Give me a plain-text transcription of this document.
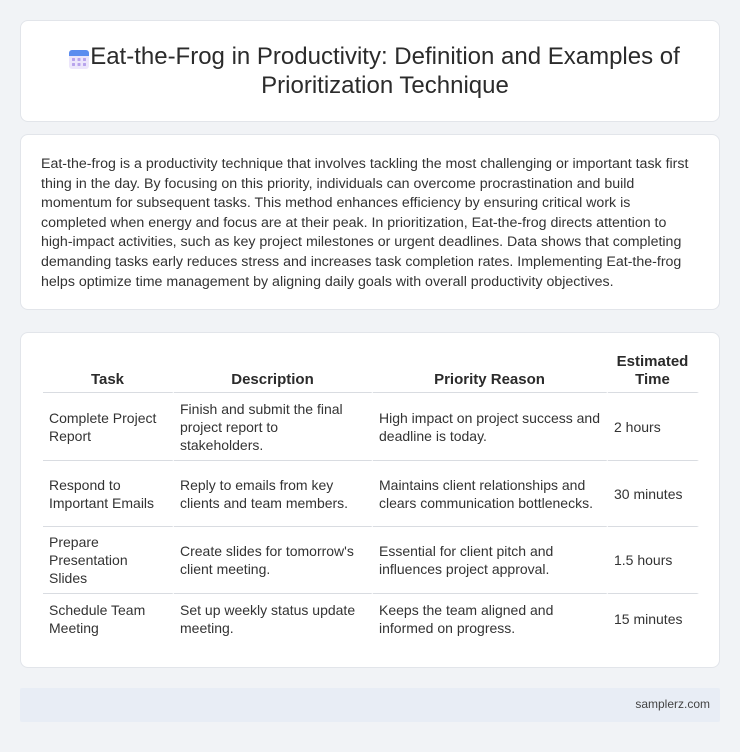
Eat-the-Frog in Productivity: Definition and Examples of Prioritization Technique

Eat-the-frog is a productivity technique that involves tackling the most challenging or important task first thing in the day. By focusing on this priority, individuals can overcome procrastination and build momentum for subsequent tasks. This method enhances efficiency by ensuring critical work is completed when energy and focus are at their peak. In prioritization, Eat-the-frog directs attention to high-impact activities, such as key project milestones or urgent deadlines. Data shows that completing demanding tasks early reduces stress and increases task completion rates. Implementing Eat-the-frog helps optimize time management by aligning daily goals with overall productivity objectives.

Task	Description	Priority Reason	Estimated Time
Complete Project Report	Finish and submit the final project report to stakeholders.	High impact on project success and deadline is today.	2 hours
Respond to Important Emails	Reply to emails from key clients and team members.	Maintains client relationships and clears communication bottlenecks.	30 minutes
Prepare Presentation Slides	Create slides for tomorrow's client meeting.	Essential for client pitch and influences project approval.	1.5 hours
Schedule Team Meeting	Set up weekly status update meeting.	Keeps the team aligned and informed on progress.	15 minutes
samplerz.com
